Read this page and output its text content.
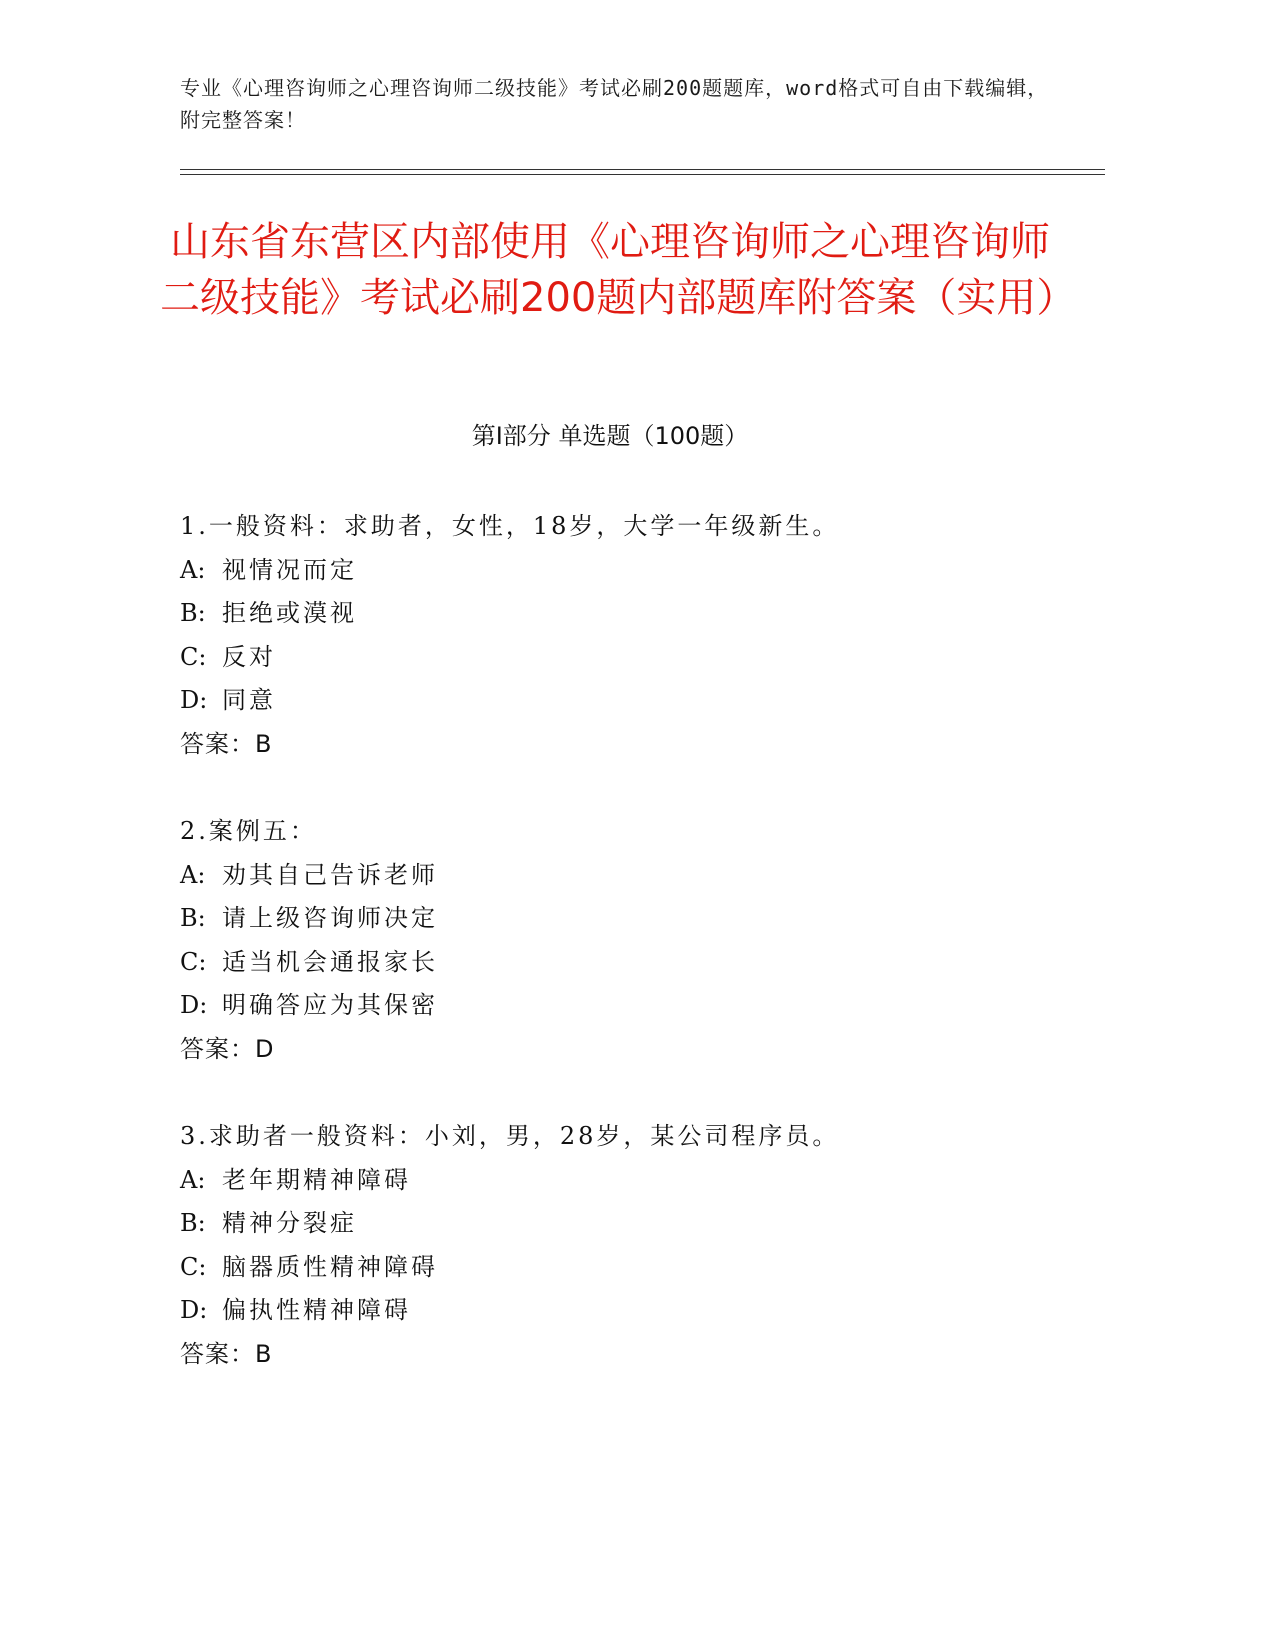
专业《心理咨询师之心理咨询师二级技能》考试必刷200题题库，word格式可自由下载编辑，附完整答案！
山东省东营区内部使用《心理咨询师之心理咨询师二级技能》考试必刷200题内部题库附答案（实用）
第I部分 单选题（100题）
1.一般资料：求助者，女性，18岁，大学一年级新生。
A: 视情况而定
B: 拒绝或漠视
C: 反对
D: 同意
答案：B
2.案例五：
A: 劝其自己告诉老师
B: 请上级咨询师决定
C: 适当机会通报家长
D: 明确答应为其保密
答案：D
3.求助者一般资料：小刘，男，28岁，某公司程序员。
A: 老年期精神障碍
B: 精神分裂症
C: 脑器质性精神障碍
D: 偏执性精神障碍
答案：B
